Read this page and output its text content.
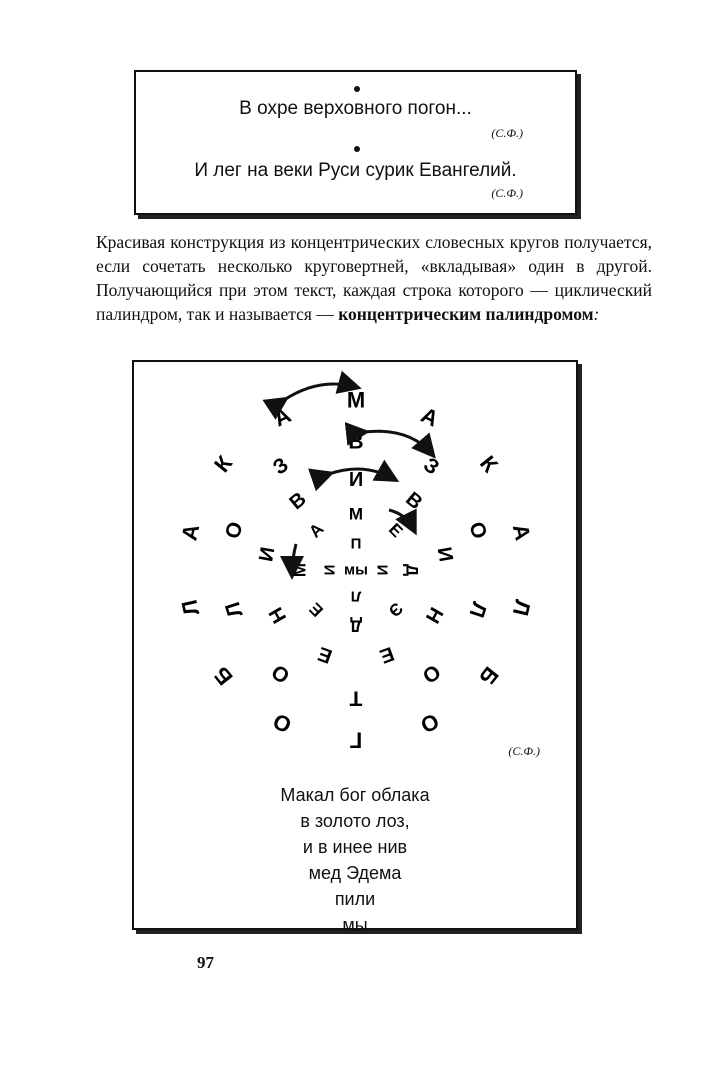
В охре верховного погон...
(С.Ф.)
И лег на веки Руси сурик Евангелий.
(С.Ф.)
Красивая конструкция из концентрических словесных кругов получается, если сочетать несколько круговертней, «вкладывая» один в другой. Получающийся при этом текст, каждая строка которого — циклический палиндром, так и называется — концентрическим палиндромом:
М
А
К
А
Л
Б
О
Г
О
Б
Л
А
К
А
В
З
О
Л
О
Т
О
Л
О
З
И
В
И
Н
Е
Е
Н
И
В М
Е
Д
Э
Д
Е
М
А
П
И
Л
И мы
(С.Ф.)
Макал бог облака
в золото лоз,
и в инее нив
мед Эдема
пили
мы
97
